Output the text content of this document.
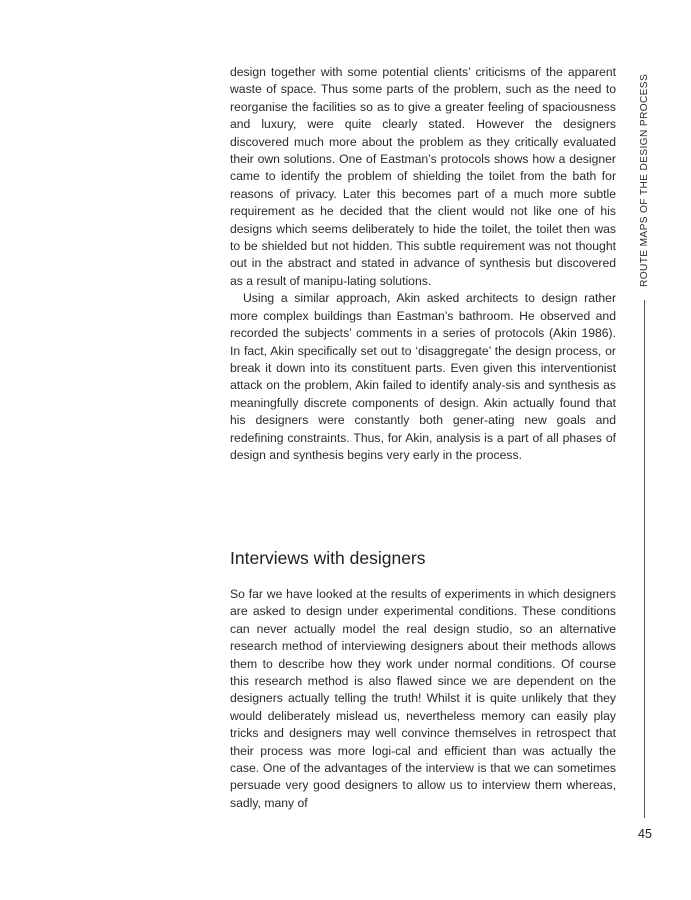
design together with some potential clients’ criticisms of the apparent waste of space. Thus some parts of the problem, such as the need to reorganise the facilities so as to give a greater feeling of spaciousness and luxury, were quite clearly stated. However the designers discovered much more about the problem as they critically evaluated their own solutions. One of Eastman’s protocols shows how a designer came to identify the problem of shielding the toilet from the bath for reasons of privacy. Later this becomes part of a much more subtle requirement as he decided that the client would not like one of his designs which seems deliberately to hide the toilet, the toilet then was to be shielded but not hidden. This subtle requirement was not thought out in the abstract and stated in advance of synthesis but discovered as a result of manipu-lating solutions.

Using a similar approach, Akin asked architects to design rather more complex buildings than Eastman’s bathroom. He observed and recorded the subjects’ comments in a series of protocols (Akin 1986). In fact, Akin specifically set out to ‘disaggregate’ the design process, or break it down into its constituent parts. Even given this interventionist attack on the problem, Akin failed to identify analy-sis and synthesis as meaningfully discrete components of design. Akin actually found that his designers were constantly both gener-ating new goals and redefining constraints. Thus, for Akin, analysis is a part of all phases of design and synthesis begins very early in the process.

Interviews with designers

So far we have looked at the results of experiments in which designers are asked to design under experimental conditions. These conditions can never actually model the real design studio, so an alternative research method of interviewing designers about their methods allows them to describe how they work under normal conditions. Of course this research method is also flawed since we are dependent on the designers actually telling the truth! Whilst it is quite unlikely that they would deliberately mislead us, nevertheless memory can easily play tricks and designers may well convince themselves in retrospect that their process was more logi-cal and efficient than was actually the case. One of the advantages of the interview is that we can sometimes persuade very good designers to allow us to interview them whereas, sadly, many of

ROUTE MAPS OF THE DESIGN PROCESS
45
